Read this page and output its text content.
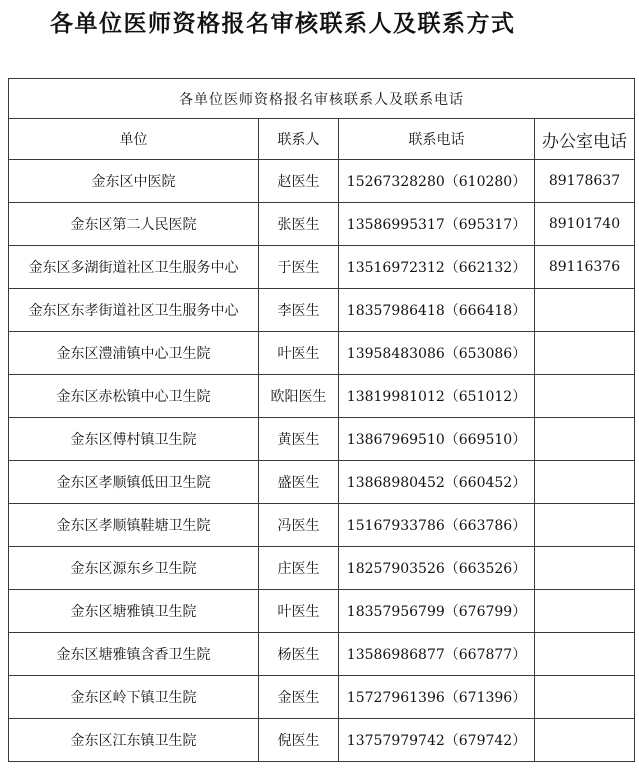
各单位医师资格报名审核联系人及联系方式
各单位医师资格报名审核联系人及联系电话			
单位	联系人	联系电话	办公室电话
金东区中医院	赵医生	15267328280（610280）	89178637
金东区第二人民医院	张医生	13586995317（695317）	89101740
金东区多湖街道社区卫生服务中心	于医生	13516972312（662132）	89116376
金东区东孝街道社区卫生服务中心	李医生	18357986418（666418）	
金东区澧浦镇中心卫生院	叶医生	13958483086（653086）	
金东区赤松镇中心卫生院	欧阳医生	13819981012（651012）	
金东区傅村镇卫生院	黄医生	13867969510（669510）	
金东区孝顺镇低田卫生院	盛医生	13868980452（660452）	
金东区孝顺镇鞋塘卫生院	冯医生	15167933786（663786）	
金东区源东乡卫生院	庄医生	18257903526（663526）	
金东区塘雅镇卫生院	叶医生	18357956799（676799）	
金东区塘雅镇含香卫生院	杨医生	13586986877（667877）	
金东区岭下镇卫生院	金医生	15727961396（671396）	
金东区江东镇卫生院	倪医生	13757979742（679742）	
